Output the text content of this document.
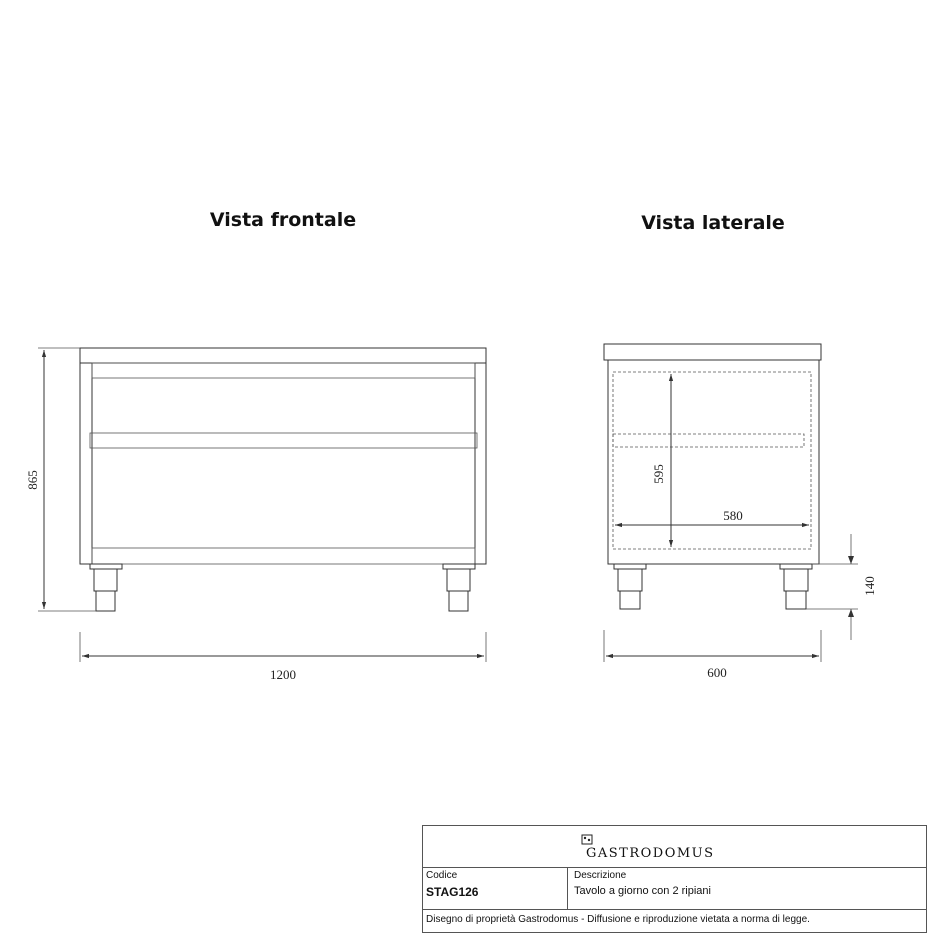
Vista frontale	Vista laterale
865
1200
595
580
140
600
GASTRODOMUS
Codice
STAG126
Descrizione
Tavolo a giorno con 2 ripiani
Disegno di proprietà Gastrodomus - Diffusione e riproduzione vietata a norma di legge.
